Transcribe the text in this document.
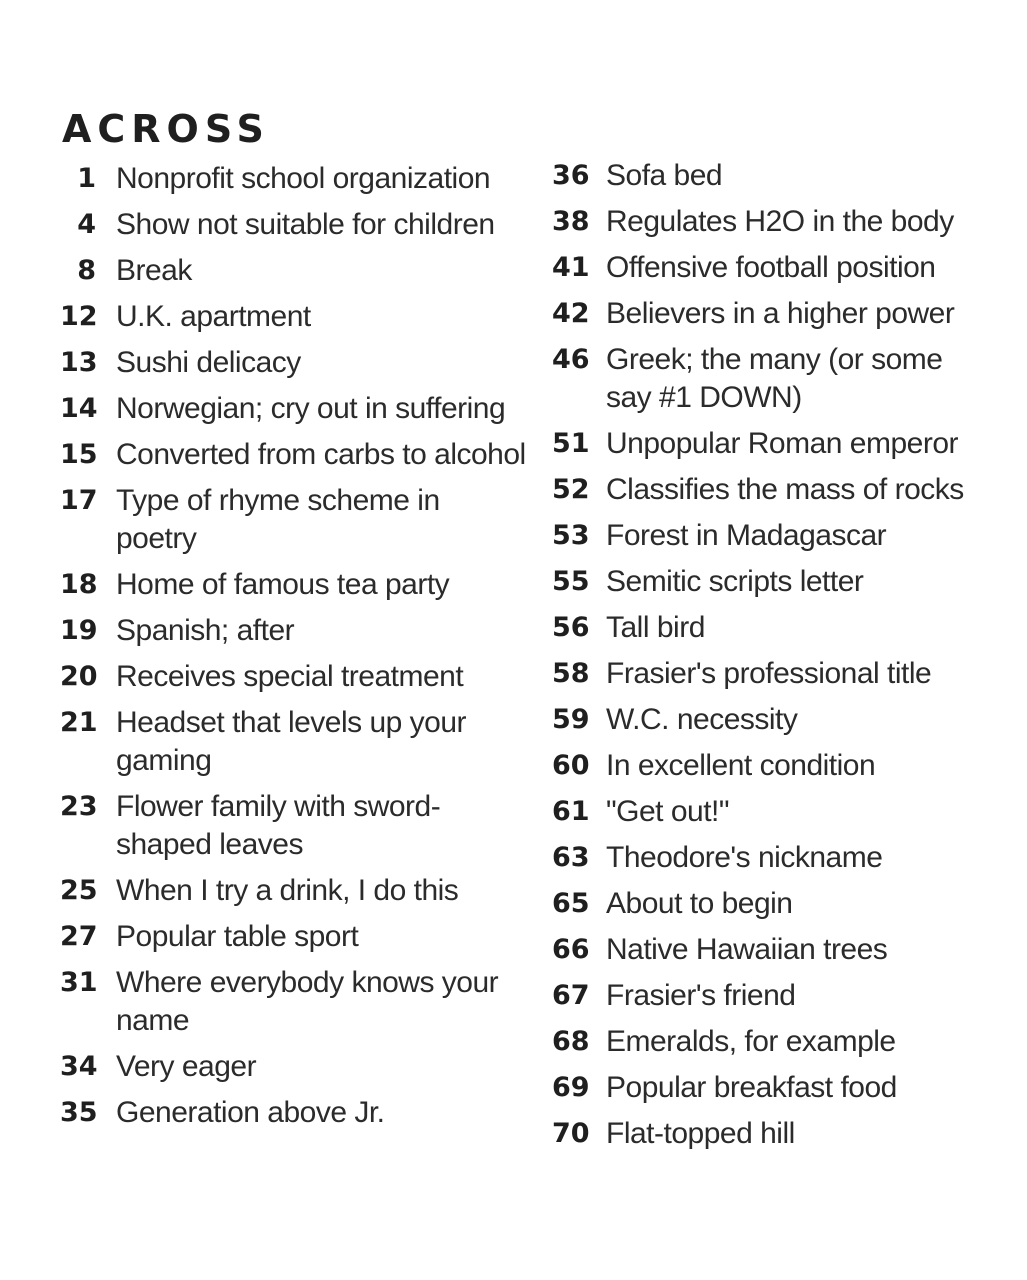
ACROSS
1 Nonprofit school organization
4 Show not suitable for children
8 Break
12 U.K. apartment
13 Sushi delicacy
14 Norwegian; cry out in suffering
15 Converted from carbs to alcohol
17 Type of rhyme scheme in poetry
18 Home of famous tea party
19 Spanish; after
20 Receives special treatment
21 Headset that levels up your gaming
23 Flower family with sword-shaped leaves
25 When I try a drink, I do this
27 Popular table sport
31 Where everybody knows your name
34 Very eager
35 Generation above Jr.
36 Sofa bed
38 Regulates H2O in the body
41 Offensive football position
42 Believers in a higher power
46 Greek; the many (or some say #1 DOWN)
51 Unpopular Roman emperor
52 Classifies the mass of rocks
53 Forest in Madagascar
55 Semitic scripts letter
56 Tall bird
58 Frasier's professional title
59 W.C. necessity
60 In excellent condition
61 "Get out!"
63 Theodore's nickname
65 About to begin
66 Native Hawaiian trees
67 Frasier's friend
68 Emeralds, for example
69 Popular breakfast food
70 Flat-topped hill
